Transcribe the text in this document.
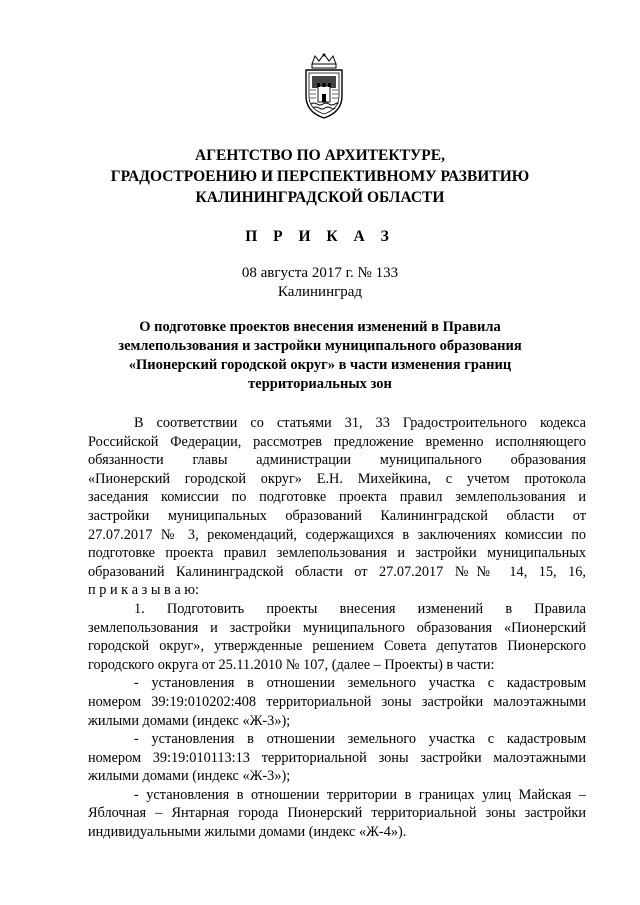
АГЕНТСТВО ПО АРХИТЕКТУРЕ,
ГРАДОСТРОЕНИЮ И ПЕРСПЕКТИВНОМУ РАЗВИТИЮ
КАЛИНИНГРАДСКОЙ ОБЛАСТИ
П Р И К А З
08 августа 2017 г. № 133
Калининград
О подготовке проектов внесения изменений в Правила
землепользования и застройки муниципального образования
«Пионерский городской округ» в части изменения границ
территориальных зон
В соответствии со статьями 31, 33 Градостроительного кодекса
Российской Федерации, рассмотрев предложение временно исполняющего
обязанности главы администрации муниципального образования
«Пионерский городской округ» Е.Н. Михейкина, с учетом протокола
заседания комиссии по подготовке проекта правил землепользования и
застройки муниципальных образований Калининградской области от
27.07.2017 № 3, рекомендаций, содержащихся в заключениях комиссии по
подготовке проекта правил землепользования и застройки муниципальных
образований Калининградской области от 27.07.2017 №№ 14, 15, 16,
п р и к а з ы в а ю:
1. Подготовить проекты внесения изменений в Правила
землепользования и застройки муниципального образования «Пионерский
городской округ», утвержденные решением Совета депутатов Пионерского
городского округа от 25.11.2010 № 107, (далее – Проекты) в части:
- установления в отношении земельного участка с кадастровым
номером 39:19:010202:408 территориальной зоны застройки малоэтажными
жилыми домами (индекс «Ж-3»);
- установления в отношении земельного участка с кадастровым
номером 39:19:010113:13 территориальной зоны застройки малоэтажными
жилыми домами (индекс «Ж-3»);
- установления в отношении территории в границах улиц Майская –
Яблочная – Янтарная города Пионерский территориальной зоны застройки
индивидуальными жилыми домами (индекс «Ж-4»).
